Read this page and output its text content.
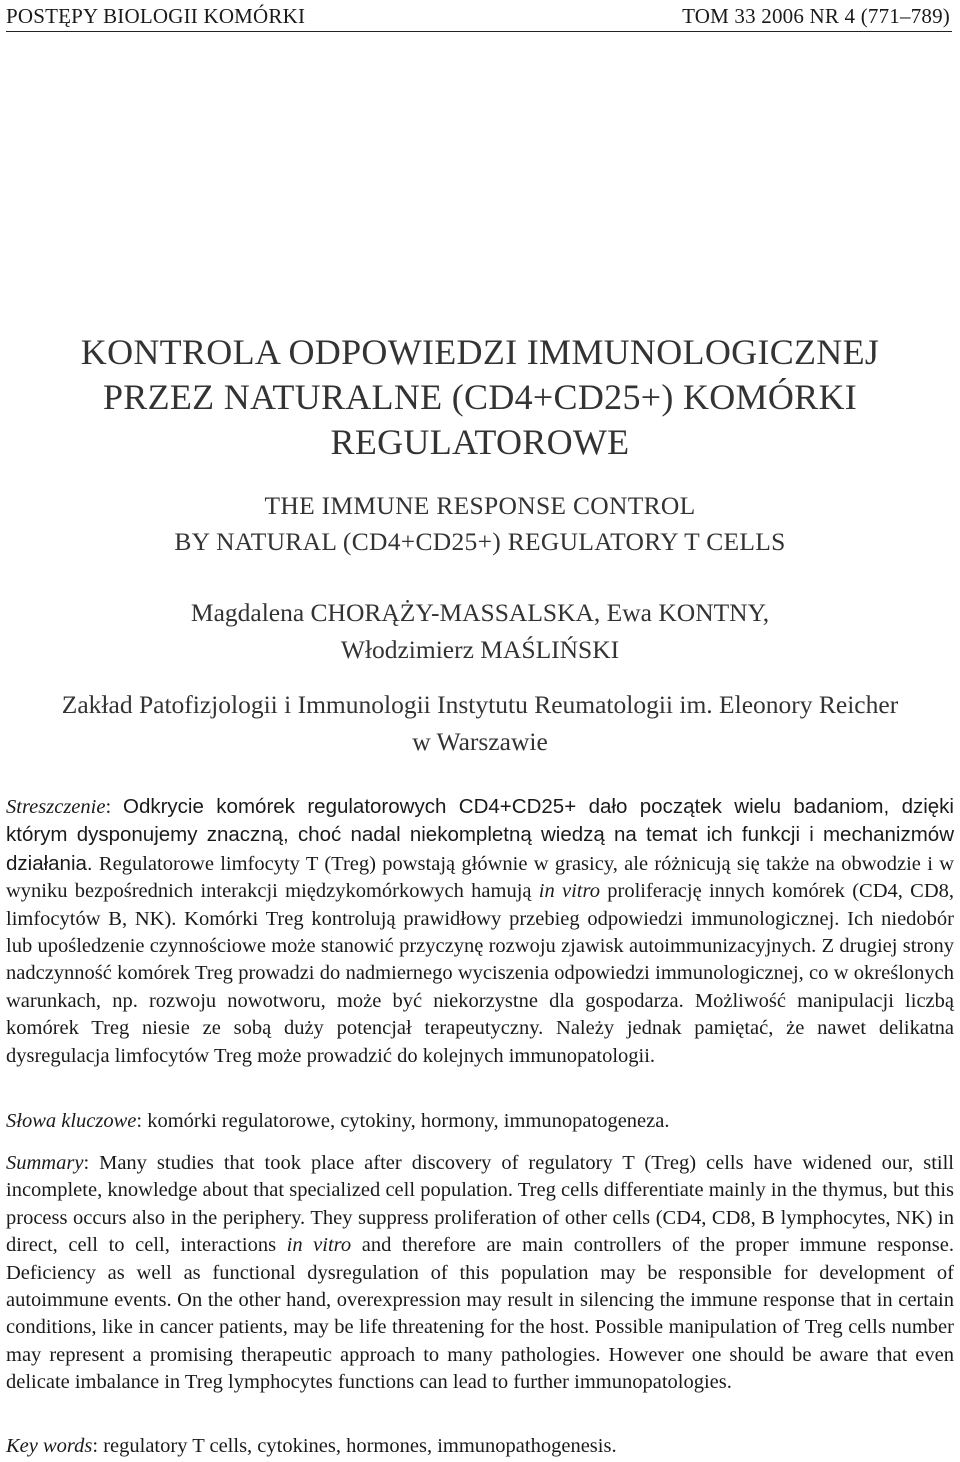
POSTĘPY BIOLOGII KOMÓRKI	TOM 33 2006 NR 4 (771–789)
KONTROLA ODPOWIEDZI IMMUNOLOGICZNEJ
PRZEZ NATURALNE (CD4+CD25+) KOMÓRKI
REGULATOROWE
THE IMMUNE RESPONSE CONTROL
BY NATURAL (CD4+CD25+) REGULATORY T CELLS
Magdalena CHORĄŻY-MASSALSKA, Ewa KONTNY,
Włodzimierz MAŚLIŃSKI
Zakład Patofizjologii i Immunologii Instytutu Reumatologii im. Eleonory Reicher
w Warszawie
Streszczenie: Odkrycie komórek regulatorowych CD4+CD25+ dało początek wielu badaniom, dzięki którym dysponujemy znaczną, choć nadal niekompletną wiedzą na temat ich funkcji i mechanizmów działania. Regulatorowe limfocyty T (Treg) powstają głównie w grasicy, ale różnicują się także na obwodzie i w wyniku bezpośrednich interakcji międzykomórkowych hamują in vitro proliferację innych komórek (CD4, CD8, limfocytów B, NK). Komórki Treg kontrolują prawidłowy przebieg odpowiedzi immunologicznej. Ich niedobór lub upośledzenie czynnościowe może stanowić przyczynę rozwoju zjawisk autoimmunizacyjnych. Z drugiej strony nadczynność komórek Treg prowadzi do nadmiernego wyciszenia odpowiedzi immunologicznej, co w określonych warunkach, np. rozwoju nowotworu, może być niekorzystne dla gospodarza. Możliwość manipulacji liczbą komórek Treg niesie ze sobą duży potencjał terapeutyczny. Należy jednak pamiętać, że nawet delikatna dysregulacja limfocytów Treg może prowadzić do kolejnych immunopatologii.
Słowa kluczowe: komórki regulatorowe, cytokiny, hormony, immunopatogeneza.
Summary: Many studies that took place after discovery of regulatory T (Treg) cells have widened our, still incomplete, knowledge about that specialized cell population. Treg cells differentiate mainly in the thymus, but this process occurs also in the periphery. They suppress proliferation of other cells (CD4, CD8, B lymphocytes, NK) in direct, cell to cell, interactions in vitro and therefore are main controllers of the proper immune response. Deficiency as well as functional dysregulation of this population may be responsible for development of autoimmune events. On the other hand, overexpression may result in silencing the immune response that in certain conditions, like in cancer patients, may be life threatening for the host. Possible manipulation of Treg cells number may represent a promising therapeutic approach to many pathologies. However one should be aware that even delicate imbalance in Treg lymphocytes functions can lead to further immunopatologies.
Key words: regulatory T cells, cytokines, hormones, immunopathogenesis.
